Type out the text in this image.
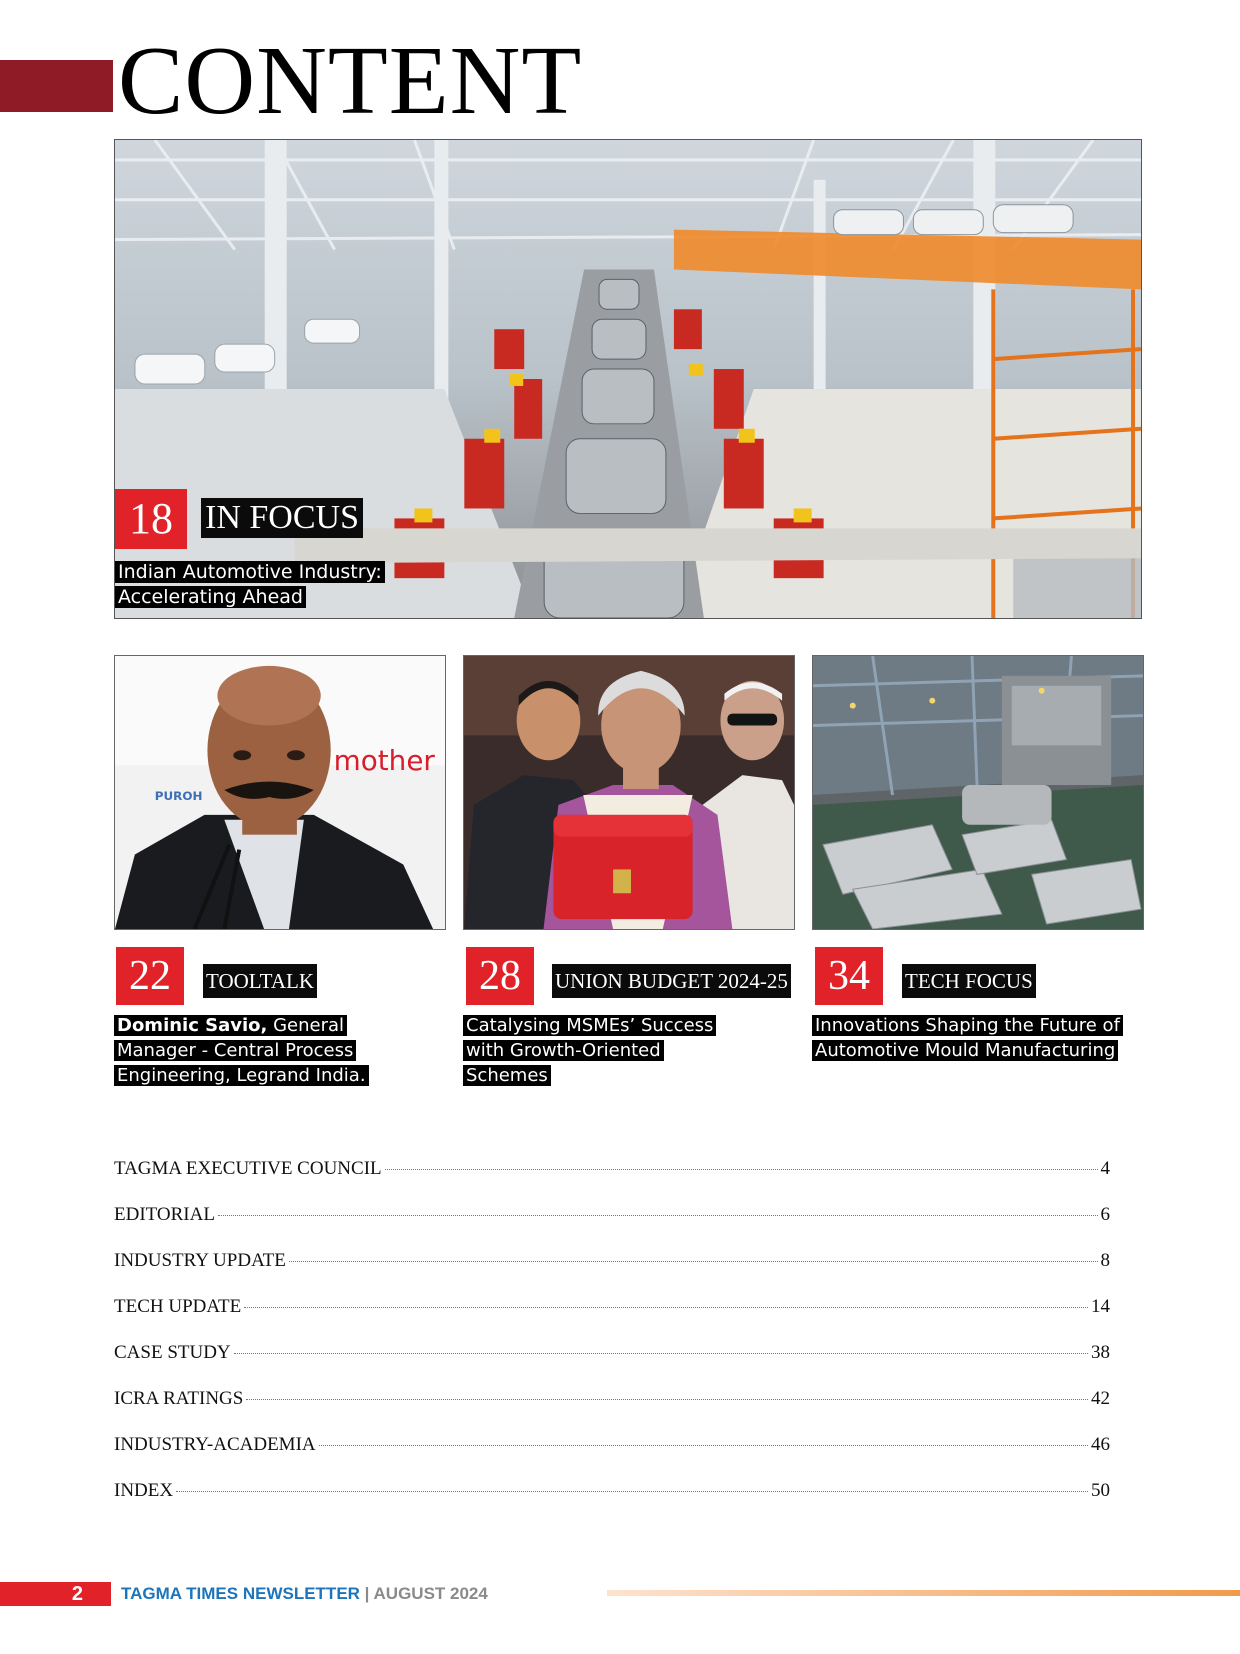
CONTENT
18 IN FOCUS

Indian Automotive Industry:
Accelerating Ahead

mother
PUROH
22	TOOLTALK

Dominic Savio, General
Manager - Central Process
Engineering, Legrand India.

28	UNION BUDGET 2024-25

Catalysing MSMEs’ Success
with Growth-Oriented
Schemes

34	TECH FOCUS

Innovations Shaping the Future of
Automotive Mould Manufacturing

TAGMA EXECUTIVE COUNCIL	4
EDITORIAL	6
INDUSTRY UPDATE	8
TECH UPDATE	14
CASE STUDY	38
ICRA RATINGS	42
INDUSTRY-ACADEMIA	46
INDEX	50
2	TAGMA TIMES NEWSLETTER | AUGUST 2024
